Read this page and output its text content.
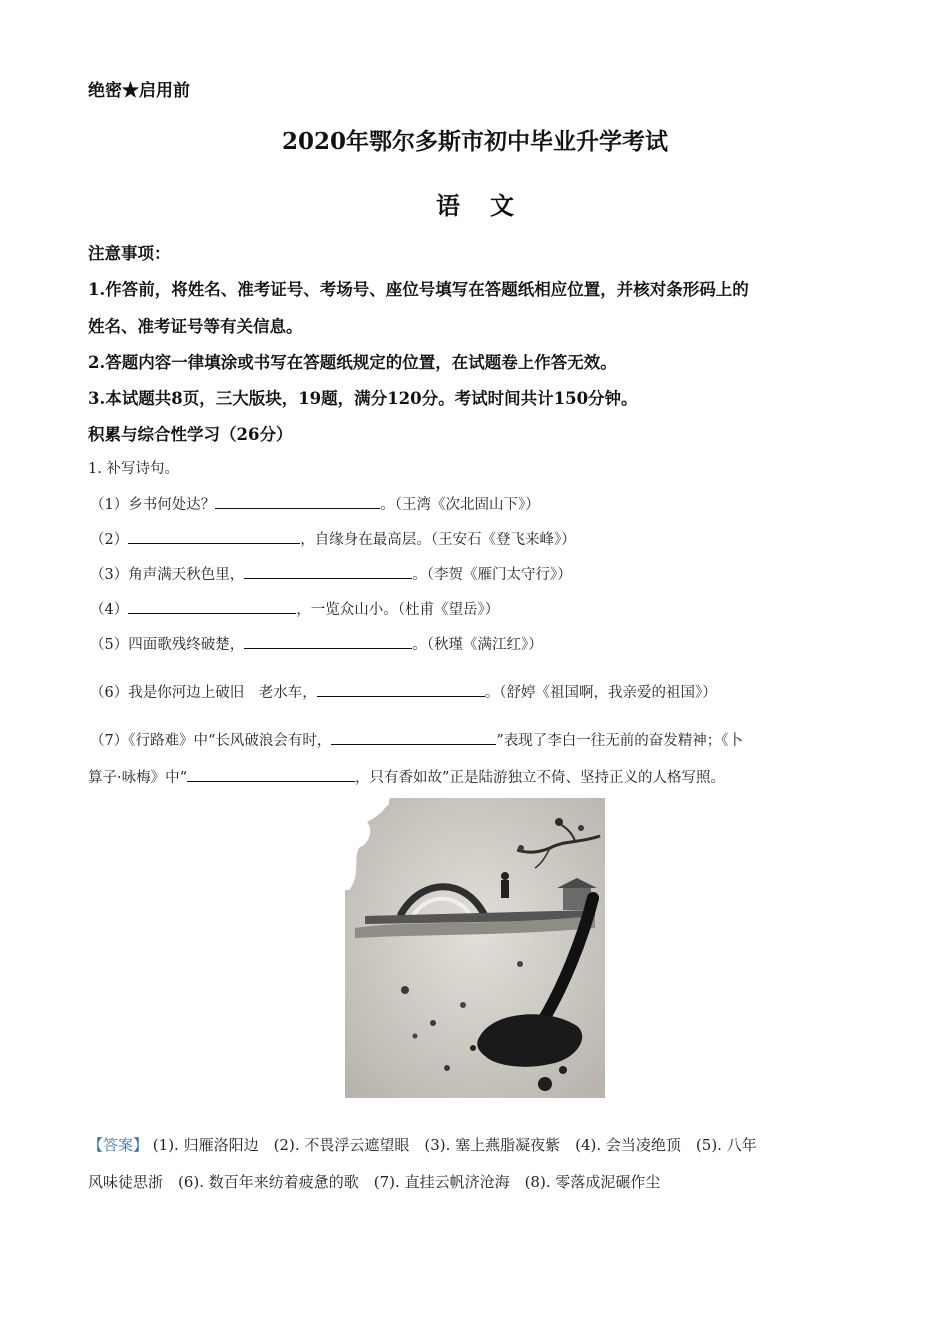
绝密★启用前
2020年鄂尔多斯市初中毕业升学考试
语文
注意事项：
1.作答前，将姓名、准考证号、考场号、座位号填写在答题纸相应位置，并核对条形码上的
姓名、准考证号等有关信息。
2.答题内容一律填涂或书写在答题纸规定的位置，在试题卷上作答无效。
3.本试题共8页，三大版块，19题，满分120分。考试时间共计150分钟。
积累与综合性学习（26分）
1. 补写诗句。
（1）乡书何处达？	。（王湾《次北固山下》）
（2）	，自缘身在最高层。（王安石《登飞来峰》）
（3）角声满天秋色里，	。（李贺《雁门太守行》）
（4）	，一览众山小。（杜甫《望岳》）
（5）四面歌残终破楚，	。（秋瑾《满江红》）
（6）我是你河边上破旧　老水车，	。（舒婷《祖国啊，我亲爱的祖国》）
（7）《行路难》中“长风破浪会有时，	”表现了李白一往无前的奋发精神；《卜
算子·咏梅》中“	，只有香如故”正是陆游独立不倚、坚持正义的人格写照。
【答案】 (1). 归雁洛阳边　(2). 不畏浮云遮望眼　(3). 塞上燕脂凝夜紫　(4). 会当凌绝顶　(5). 八年
风味徒思浙　(6). 数百年来纺着疲惫的歌　(7). 直挂云帆济沧海　(8). 零落成泥碾作尘
